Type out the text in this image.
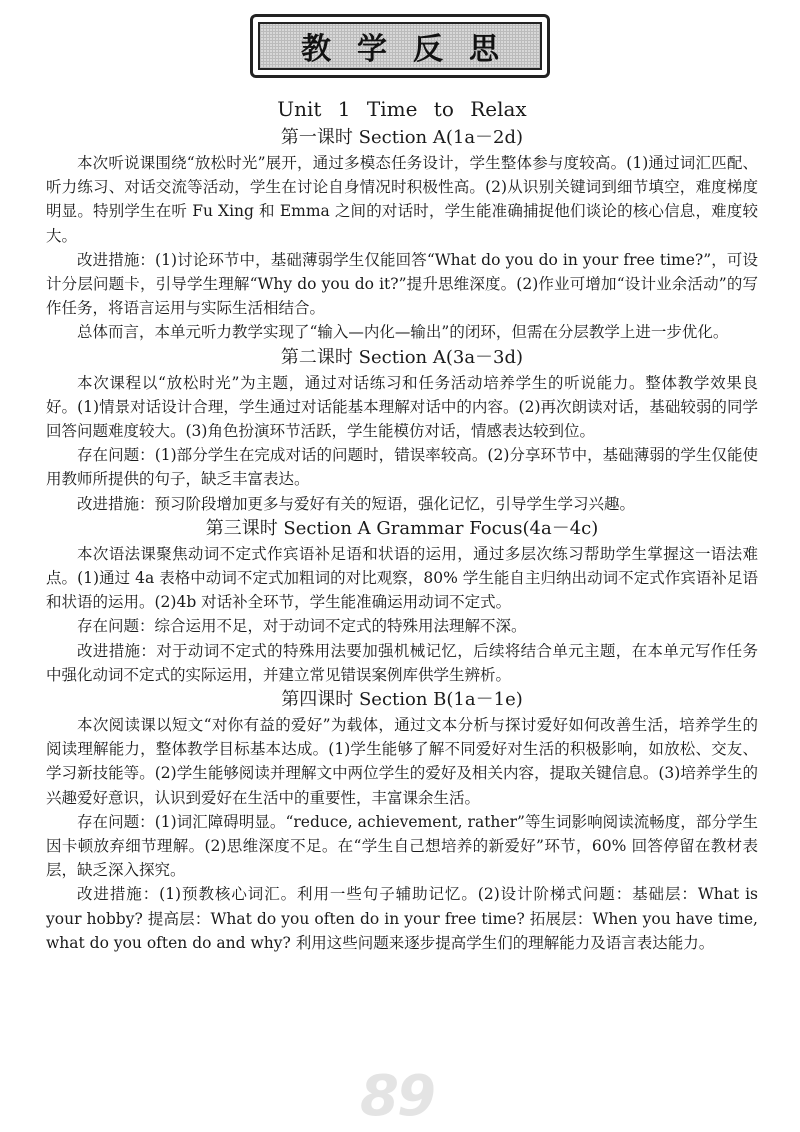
教学反思
89
Unit 1 Time to Relax
第一课时 Section A(1a－2d)

本次听说课围绕“放松时光”展开，通过多模态任务设计，学生整体参与度较高。(1)通过词汇匹配、听力练习、对话交流等活动，学生在讨论自身情况时积极性高。(2)从识别关键词到细节填空，难度梯度明显。特别学生在听 Fu Xing 和 Emma 之间的对话时，学生能准确捕捉他们谈论的核心信息，难度较大。

改进措施：(1)讨论环节中，基础薄弱学生仅能回答“What do you do in your free time?”，可设计分层问题卡，引导学生理解“Why do you do it?”提升思维深度。(2)作业可增加“设计业余活动”的写作任务，将语言运用与实际生活相结合。

总体而言，本单元听力教学实现了“输入—内化—输出”的闭环，但需在分层教学上进一步优化。

第二课时 Section A(3a－3d)

本次课程以“放松时光”为主题，通过对话练习和任务活动培养学生的听说能力。整体教学效果良好。(1)情景对话设计合理，学生通过对话能基本理解对话中的内容。(2)再次朗读对话，基础较弱的同学回答问题难度较大。(3)角色扮演环节活跃，学生能模仿对话，情感表达较到位。

存在问题：(1)部分学生在完成对话的问题时，错误率较高。(2)分享环节中，基础薄弱的学生仅能使用教师所提供的句子，缺乏丰富表达。

改进措施：预习阶段增加更多与爱好有关的短语，强化记忆，引导学生学习兴趣。

第三课时 Section A Grammar Focus(4a－4c)

本次语法课聚焦动词不定式作宾语补足语和状语的运用，通过多层次练习帮助学生掌握这一语法难点。(1)通过 4a 表格中动词不定式加粗词的对比观察，80% 学生能自主归纳出动词不定式作宾语补足语和状语的运用。(2)4b 对话补全环节，学生能准确运用动词不定式。

存在问题：综合运用不足，对于动词不定式的特殊用法理解不深。

改进措施：对于动词不定式的特殊用法要加强机械记忆，后续将结合单元主题，在本单元写作任务中强化动词不定式的实际运用，并建立常见错误案例库供学生辨析。

第四课时 Section B(1a－1e)

本次阅读课以短文“对你有益的爱好”为载体，通过文本分析与探讨爱好如何改善生活，培养学生的阅读理解能力，整体教学目标基本达成。(1)学生能够了解不同爱好对生活的积极影响，如放松、交友、学习新技能等。(2)学生能够阅读并理解文中两位学生的爱好及相关内容，提取关键信息。(3)培养学生的兴趣爱好意识，认识到爱好在生活中的重要性，丰富课余生活。

存在问题：(1)词汇障碍明显。“reduce, achievement, rather”等生词影响阅读流畅度，部分学生因卡顿放弃细节理解。(2)思维深度不足。在“学生自己想培养的新爱好”环节，60% 回答停留在教材表层，缺乏深入探究。

改进措施：(1)预教核心词汇。利用一些句子辅助记忆。(2)设计阶梯式问题：基础层：What is your hobby? 提高层：What do you often do in your free time? 拓展层：When you have time, what do you often do and why? 利用这些问题来逐步提高学生们的理解能力及语言表达能力。
